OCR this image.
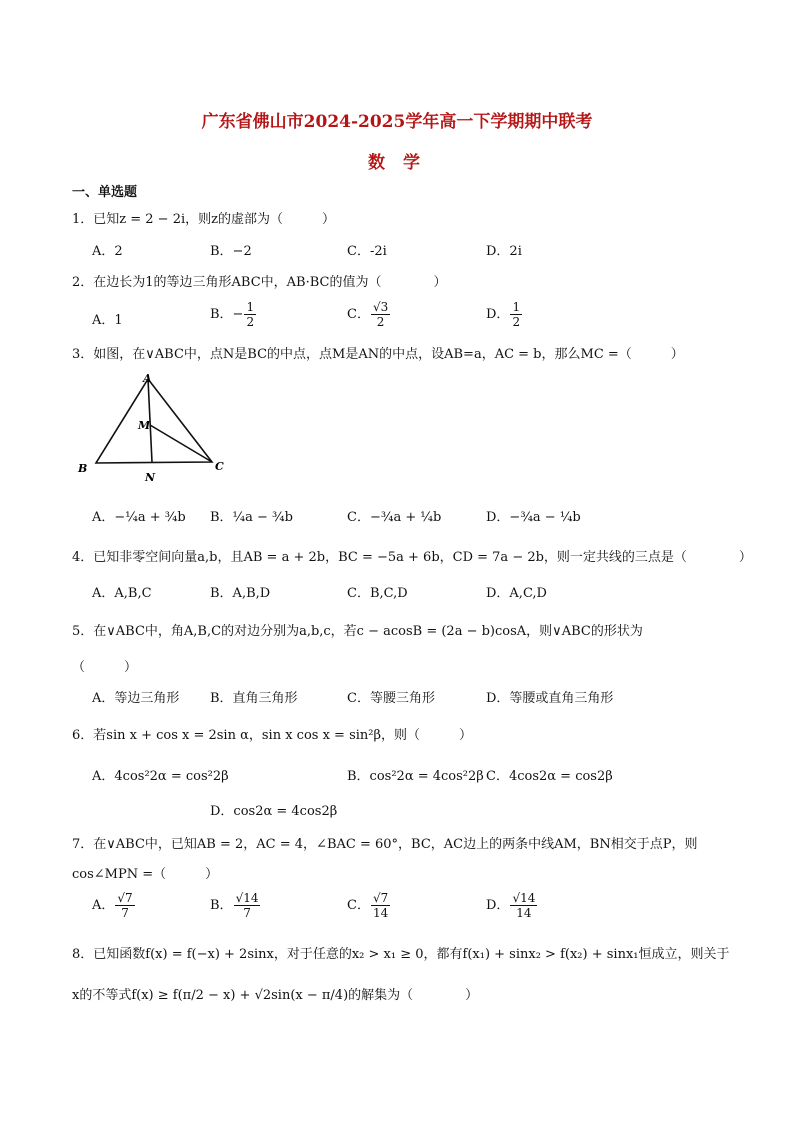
广东省佛山市2024-2025学年高一下学期期中联考
数 学
一、单选题
1．已知z = 2 − 2i，则z的虚部为（　　　）
A．2	B．−2	C．-2i	D．2i
2．在边长为1的等边三角形ABC中，AB·BC的值为（　　　　）
A．1	B．− $\frac{1}{2}$	C． $\frac{√3}{2}$	D． $\frac{1}{2}$
3．如图，在∨ABC中，点N是BC的中点，点M是AN的中点，设AB=a，AC = b，那么MC =（　　　）
A
B	C
M
N
A．−¼a + ¾b B．¼a − ¾b	C．−¾a + ¼b	D．−¾a − ¼b
4．已知非零空间向量a,b，且AB = a + 2b，BC = −5a + 6b，CD = 7a − 2b，则一定共线的三点是（　　　　）
A．A,B,C	B．A,B,D	C．B,C,D	D．A,C,D
5．在∨ABC中，角A,B,C的对边分别为a,b,c，若c − acosB = (2a − b)cosA，则∨ABC的形状为
（　　　）
A．等边三角形 B．直角三角形	C．等腰三角形	D．等腰或直角三角形
6．若sin x + cos x = 2sin α，sin x cos x = sin²β，则（　　　）
A．4cos²2α = cos²2β	B．cos²2α = 4cos²2β C．4cos2α = cos2β
D．cos2α = 4cos2β
7．在∨ABC中，已知AB = 2，AC = 4，∠BAC = 60°，BC，AC边上的两条中线AM，BN相交于点P，则
cos∠MPN =（　　　）
A． $\frac{√7}{7}$	B． $\frac{√14}{7}$	C． $\frac{√7}{14}$	D． $\frac{√14}{14}$
8．已知函数f(x) = f(−x) + 2sinx，对于任意的x₂ > x₁ ≥ 0，都有f(x₁) + sinx₂ > f(x₂) + sinx₁恒成立，则关于
x的不等式f(x) ≥ f(π/2 − x) + √2sin(x − π/4)的解集为（　　　　）
